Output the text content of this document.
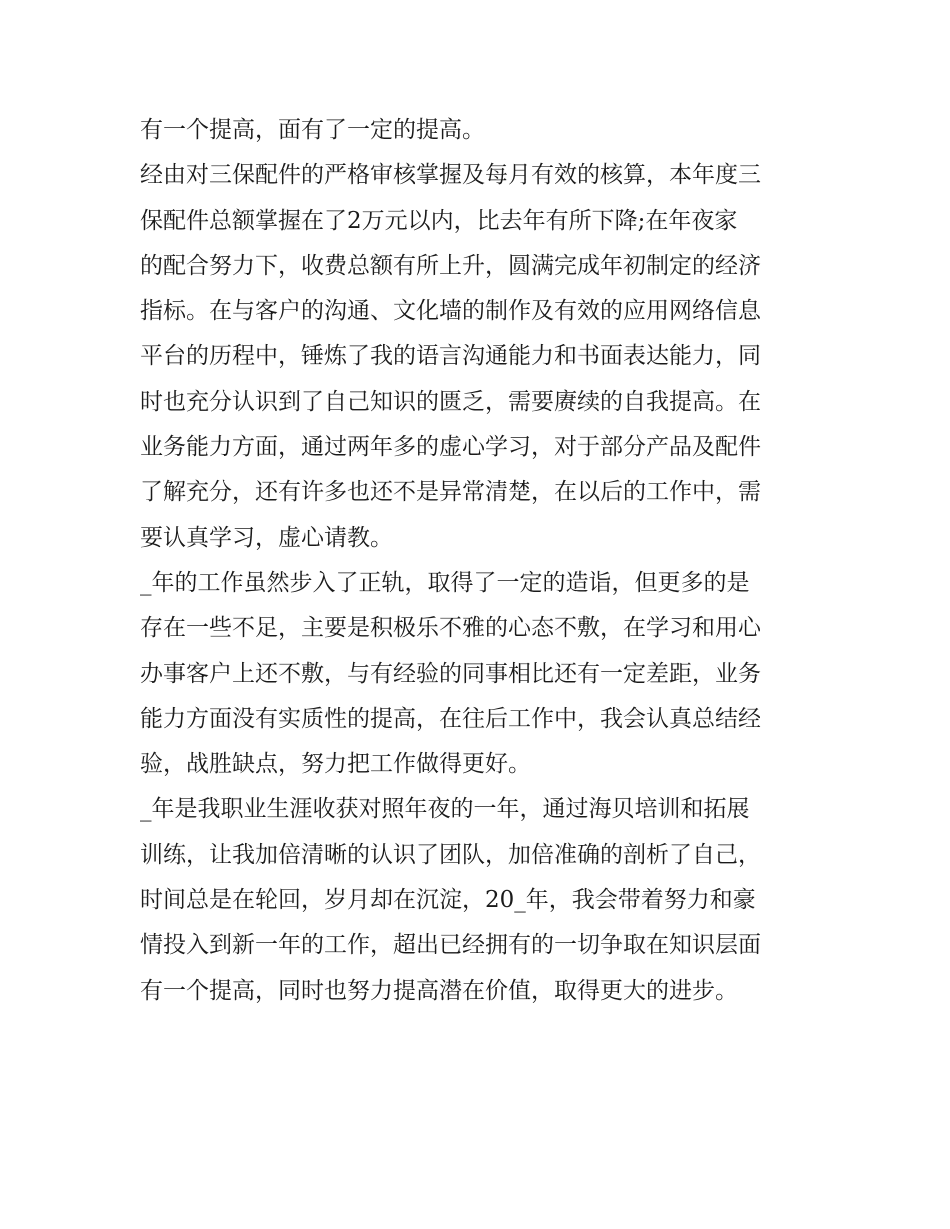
有一个提高，面有了一定的提高。
经由对三保配件的严格审核掌握及每月有效的核算，本年度三
保配件总额掌握在了2万元以内，比去年有所下降;在年夜家
的配合努力下，收费总额有所上升，圆满完成年初制定的经济
指标。在与客户的沟通、文化墙的制作及有效的应用网络信息
平台的历程中，锤炼了我的语言沟通能力和书面表达能力，同
时也充分认识到了自己知识的匮乏，需要赓续的自我提高。在
业务能力方面，通过两年多的虚心学习，对于部分产品及配件
了解充分，还有许多也还不是异常清楚，在以后的工作中，需
要认真学习，虚心请教。
_年的工作虽然步入了正轨，取得了一定的造诣，但更多的是
存在一些不足，主要是积极乐不雅的心态不敷，在学习和用心
办事客户上还不敷，与有经验的同事相比还有一定差距，业务
能力方面没有实质性的提高，在往后工作中，我会认真总结经
验，战胜缺点，努力把工作做得更好。
_年是我职业生涯收获对照年夜的一年，通过海贝培训和拓展
训练，让我加倍清晰的认识了团队，加倍准确的剖析了自己，
时间总是在轮回，岁月却在沉淀，20_年，我会带着努力和豪
情投入到新一年的工作，超出已经拥有的一切争取在知识层面
有一个提高，同时也努力提高潜在价值，取得更大的进步。
